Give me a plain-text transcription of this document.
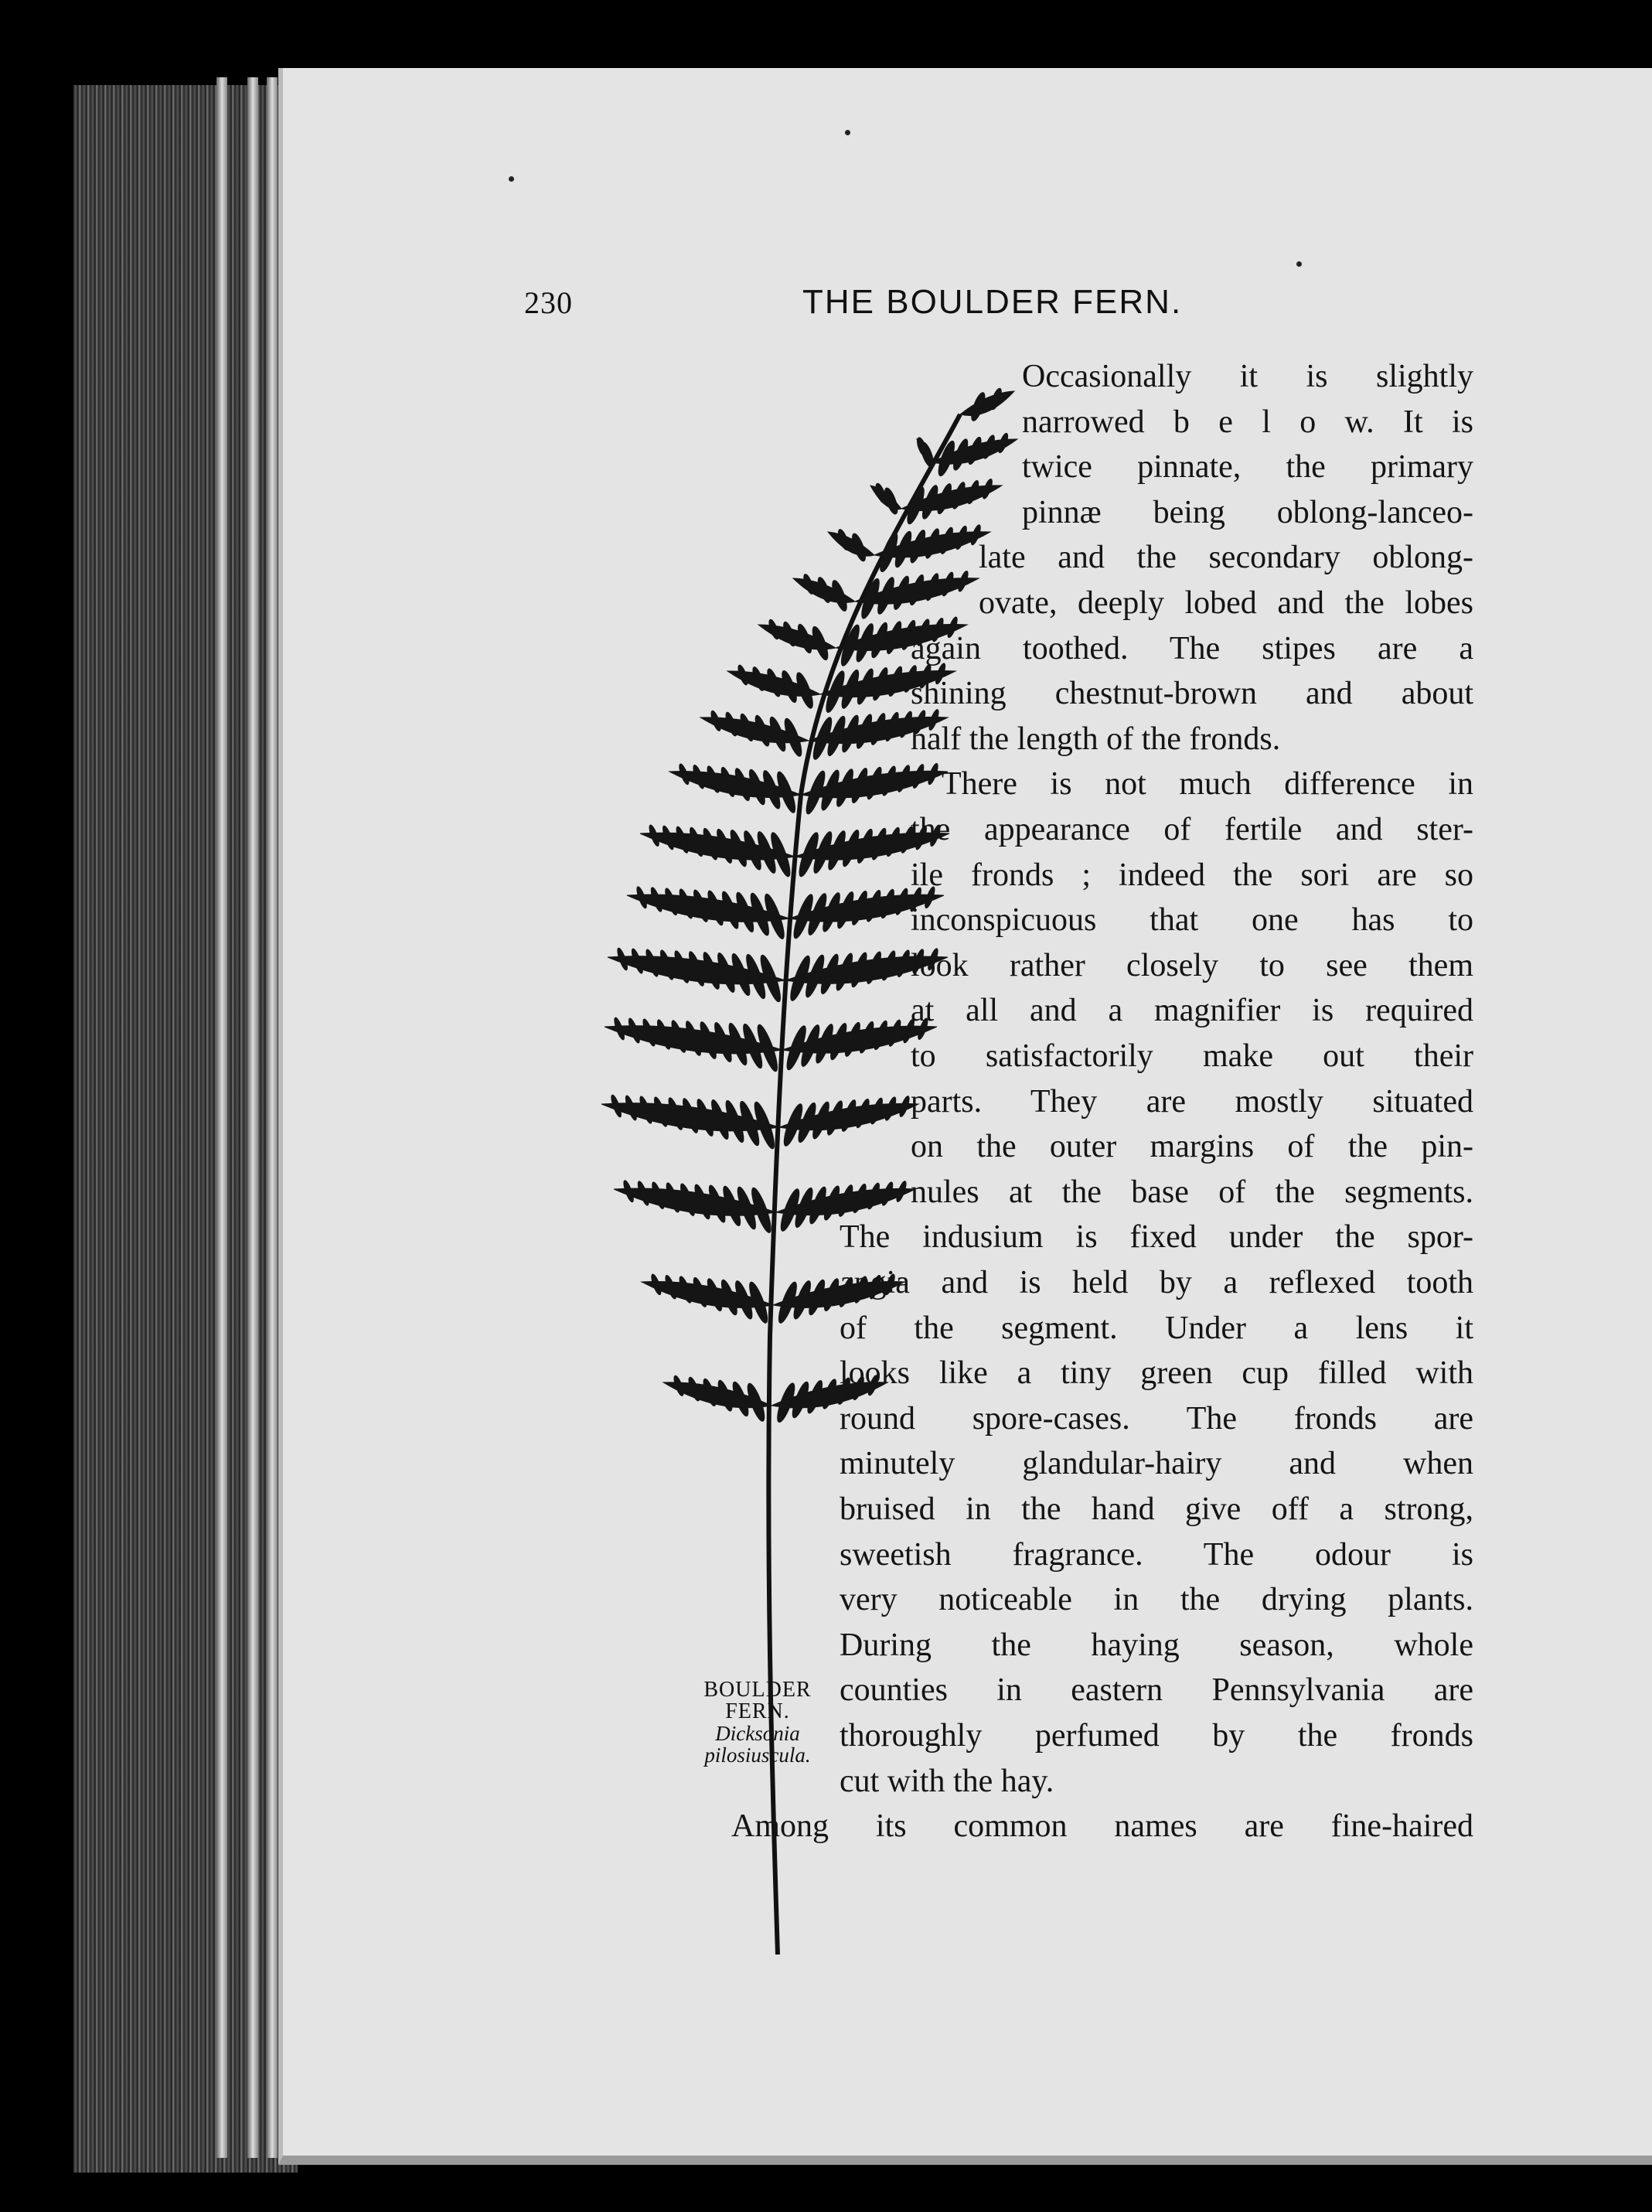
230	THE BOULDER FERN.
BOULDER
FERN.
Dicksonia
pilosiuscula.
Occasionally it is slightly
narrowed b e l o w. It is
twice pinnate, the primary
pinnæ being oblong-lanceo-
late and the secondary oblong-
ovate, deeply lobed and the lobes
again toothed. The stipes are a
shining chestnut-brown and about
half the length of the fronds.
There is not much difference in
the appearance of fertile and ster-
ile fronds ; indeed the sori are so
inconspicuous that one has to
look rather closely to see them
at all and a magnifier is required
to satisfactorily make out their
parts. They are mostly situated
on the outer margins of the pin-
nules at the base of the segments.
The indusium is fixed under the spor-
angia and is held by a reflexed tooth
of the segment. Under a lens it
looks like a tiny green cup filled with
round spore-cases. The fronds are
minutely glandular-hairy and when
bruised in the hand give off a strong,
sweetish fragrance. The odour is
very noticeable in the drying plants.
During the haying season, whole
counties in eastern Pennsylvania are
thoroughly perfumed by the fronds
cut with the hay.
Among its common names are fine-haired
